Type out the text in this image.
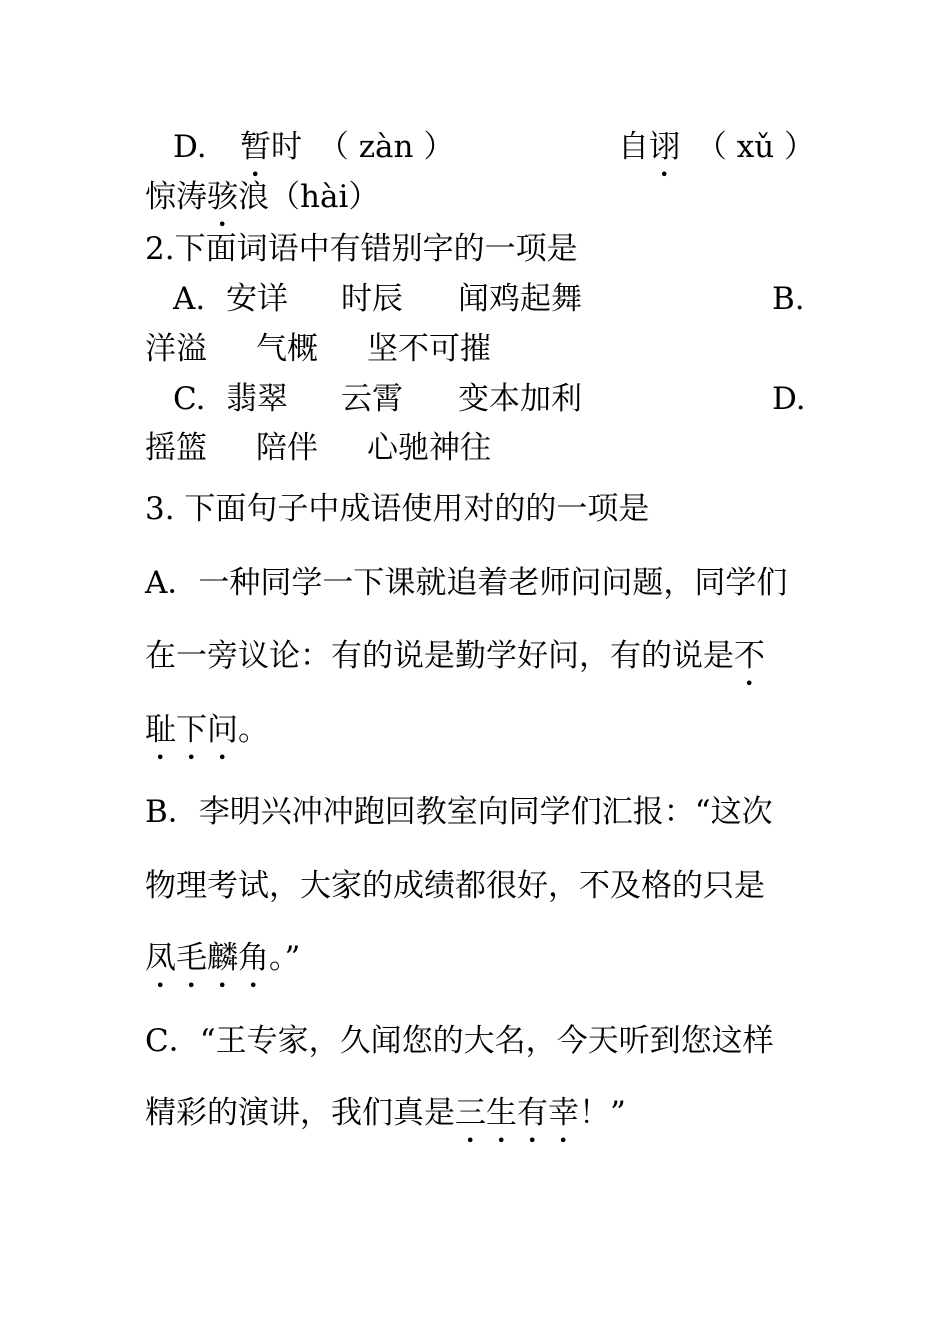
D. 暂时 （ zàn ）	自诩 （ xǔ ）
惊涛骇浪（hài）
2.下面词语中有错别字的一项是
A. 安详 时辰 闻鸡起舞	B.
洋溢 气概 坚不可摧
C. 翡翠 云霄 变本加利	D.
摇篮 陪伴 心驰神往
3. 下面句子中成语使用对的的一项是
A．一种同学一下课就追着老师问问题，同学们
在一旁议论：有的说是勤学好问，有的说是不
耻下问。
B．李明兴冲冲跑回教室向同学们汇报：“这次
物理考试，大家的成绩都很好，不及格的只是
凤毛麟角。”
C．“王专家，久闻您的大名，今天听到您这样
精彩的演讲，我们真是三生有幸！”
